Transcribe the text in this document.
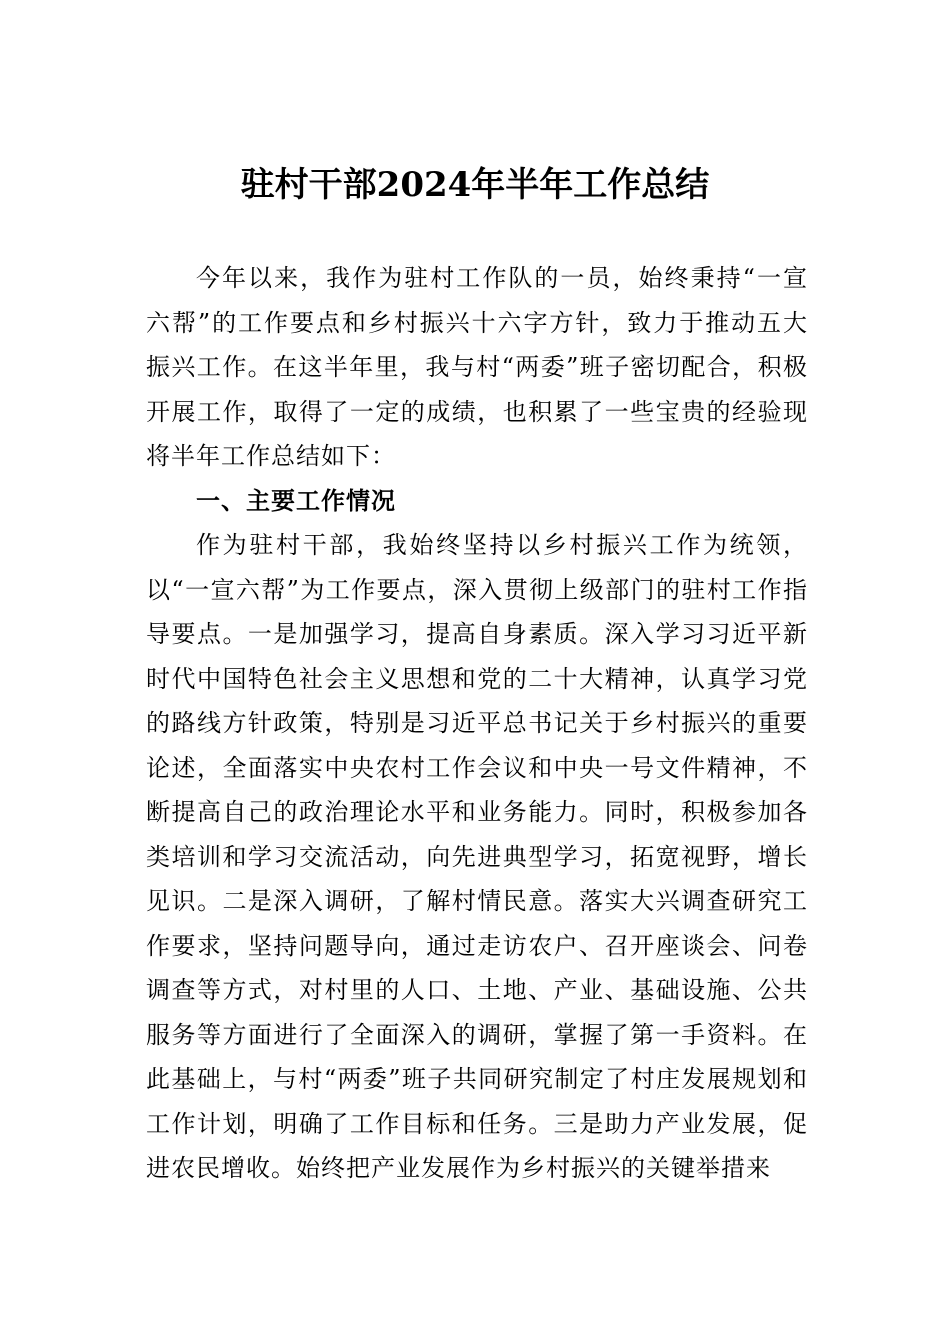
驻村干部2024年半年工作总结

今年以来，我作为驻村工作队的一员，始终秉持“一宣六帮”的工作要点和乡村振兴十六字方针，致力于推动五大振兴工作。在这半年里，我与村“两委”班子密切配合，积极开展工作，取得了一定的成绩，也积累了一些宝贵的经验现将半年工作总结如下：

一、主要工作情况

作为驻村干部，我始终坚持以乡村振兴工作为统领，以“一宣六帮”为工作要点，深入贯彻上级部门的驻村工作指导要点。一是加强学习，提高自身素质。深入学习习近平新时代中国特色社会主义思想和党的二十大精神，认真学习党的路线方针政策，特别是习近平总书记关于乡村振兴的重要论述，全面落实中央农村工作会议和中央一号文件精神，不断提高自己的政治理论水平和业务能力。同时，积极参加各类培训和学习交流活动，向先进典型学习，拓宽视野，增长见识。二是深入调研，了解村情民意。落实大兴调查研究工作要求，坚持问题导向，通过走访农户、召开座谈会、问卷调查等方式，对村里的人口、土地、产业、基础设施、公共服务等方面进行了全面深入的调研，掌握了第一手资料。在此基础上，与村“两委”班子共同研究制定了村庄发展规划和工作计划，明确了工作目标和任务。三是助力产业发展，促进农民增收。始终把产业发展作为乡村振兴的关键举措来
